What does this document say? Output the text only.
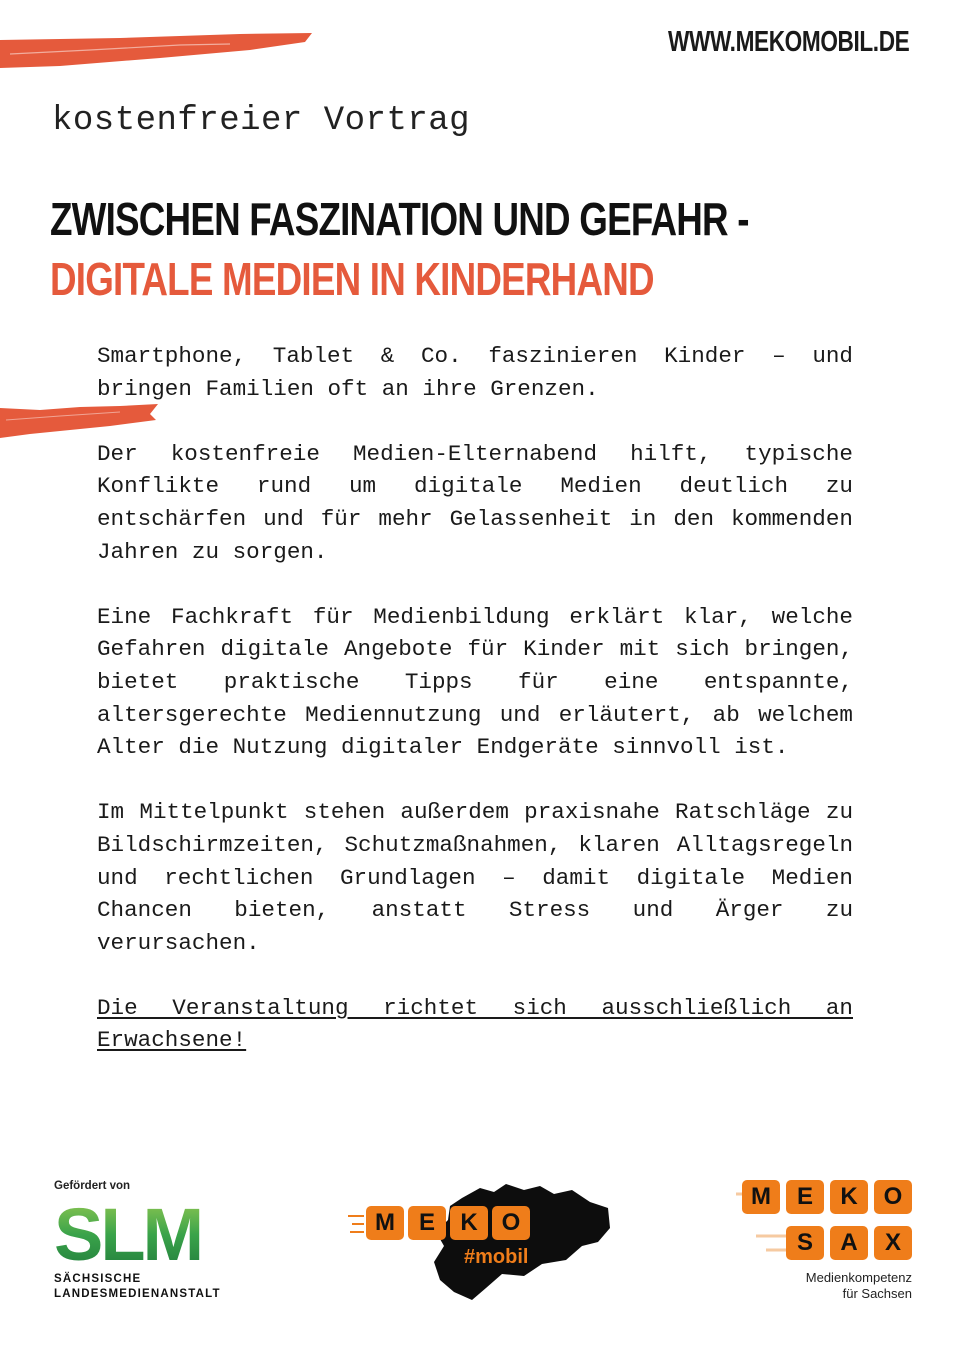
WWW.MEKOMOBIL.DE
kostenfreier Vortrag
ZWISCHEN FASZINATION UND GEFAHR -
DIGITALE MEDIEN IN KINDERHAND

Smartphone, Tablet & Co. faszinieren Kinder – und bringen Familien oft an ihre Grenzen.

Der kostenfreie Medien-Elternabend hilft, typische Konflikte rund um digitale Medien deutlich zu entschärfen und für mehr Gelassenheit in den kommenden Jahren zu sorgen.

Eine Fachkraft für Medienbildung erklärt klar, welche Gefahren digitale Angebote für Kinder mit sich bringen, bietet praktische Tipps für eine entspannte, altersgerechte Mediennutzung und erläutert, ab welchem Alter die Nutzung digitaler Endgeräte sinnvoll ist.

Im Mittelpunkt stehen außerdem praxisnahe Ratschläge zu Bildschirmzeiten, Schutzmaßnahmen, klaren Alltagsregeln und rechtlichen Grundlagen – damit digitale Medien Chancen bieten, anstatt Stress und Ärger zu verursachen.

Die Veranstaltung richtet sich ausschließlich an Erwachsene!

Gefördert von
SLM
SÄCHSISCHE
LANDESMEDIENANSTALT
M E	K O
#mobil
M	E	K	O
S	A	X
Medienkompetenz
für Sachsen
